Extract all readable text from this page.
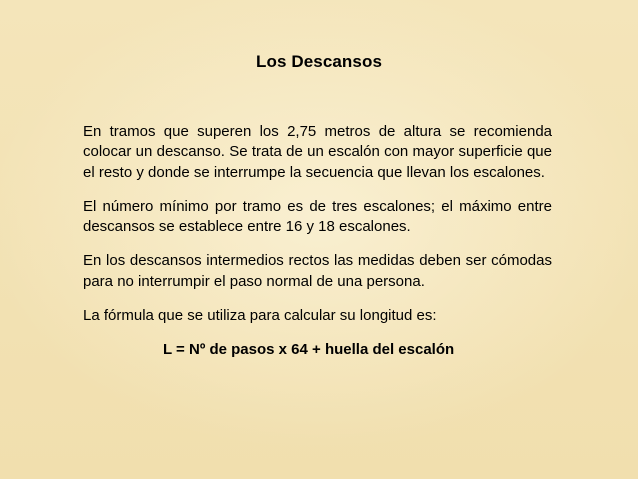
Los Descansos

En tramos que superen los 2,75 metros de altura se recomienda colocar un descanso. Se trata de un escalón con mayor superficie que el resto y donde se interrumpe la secuencia que llevan los escalones.

El número mínimo por tramo es de tres escalones; el máximo entre descansos se establece entre 16 y 18 escalones.

En los descansos intermedios rectos las medidas deben ser cómodas para no interrumpir el paso normal de una persona.

La fórmula que se utiliza para calcular su longitud es:

L = Nº de pasos x 64 + huella del escalón
